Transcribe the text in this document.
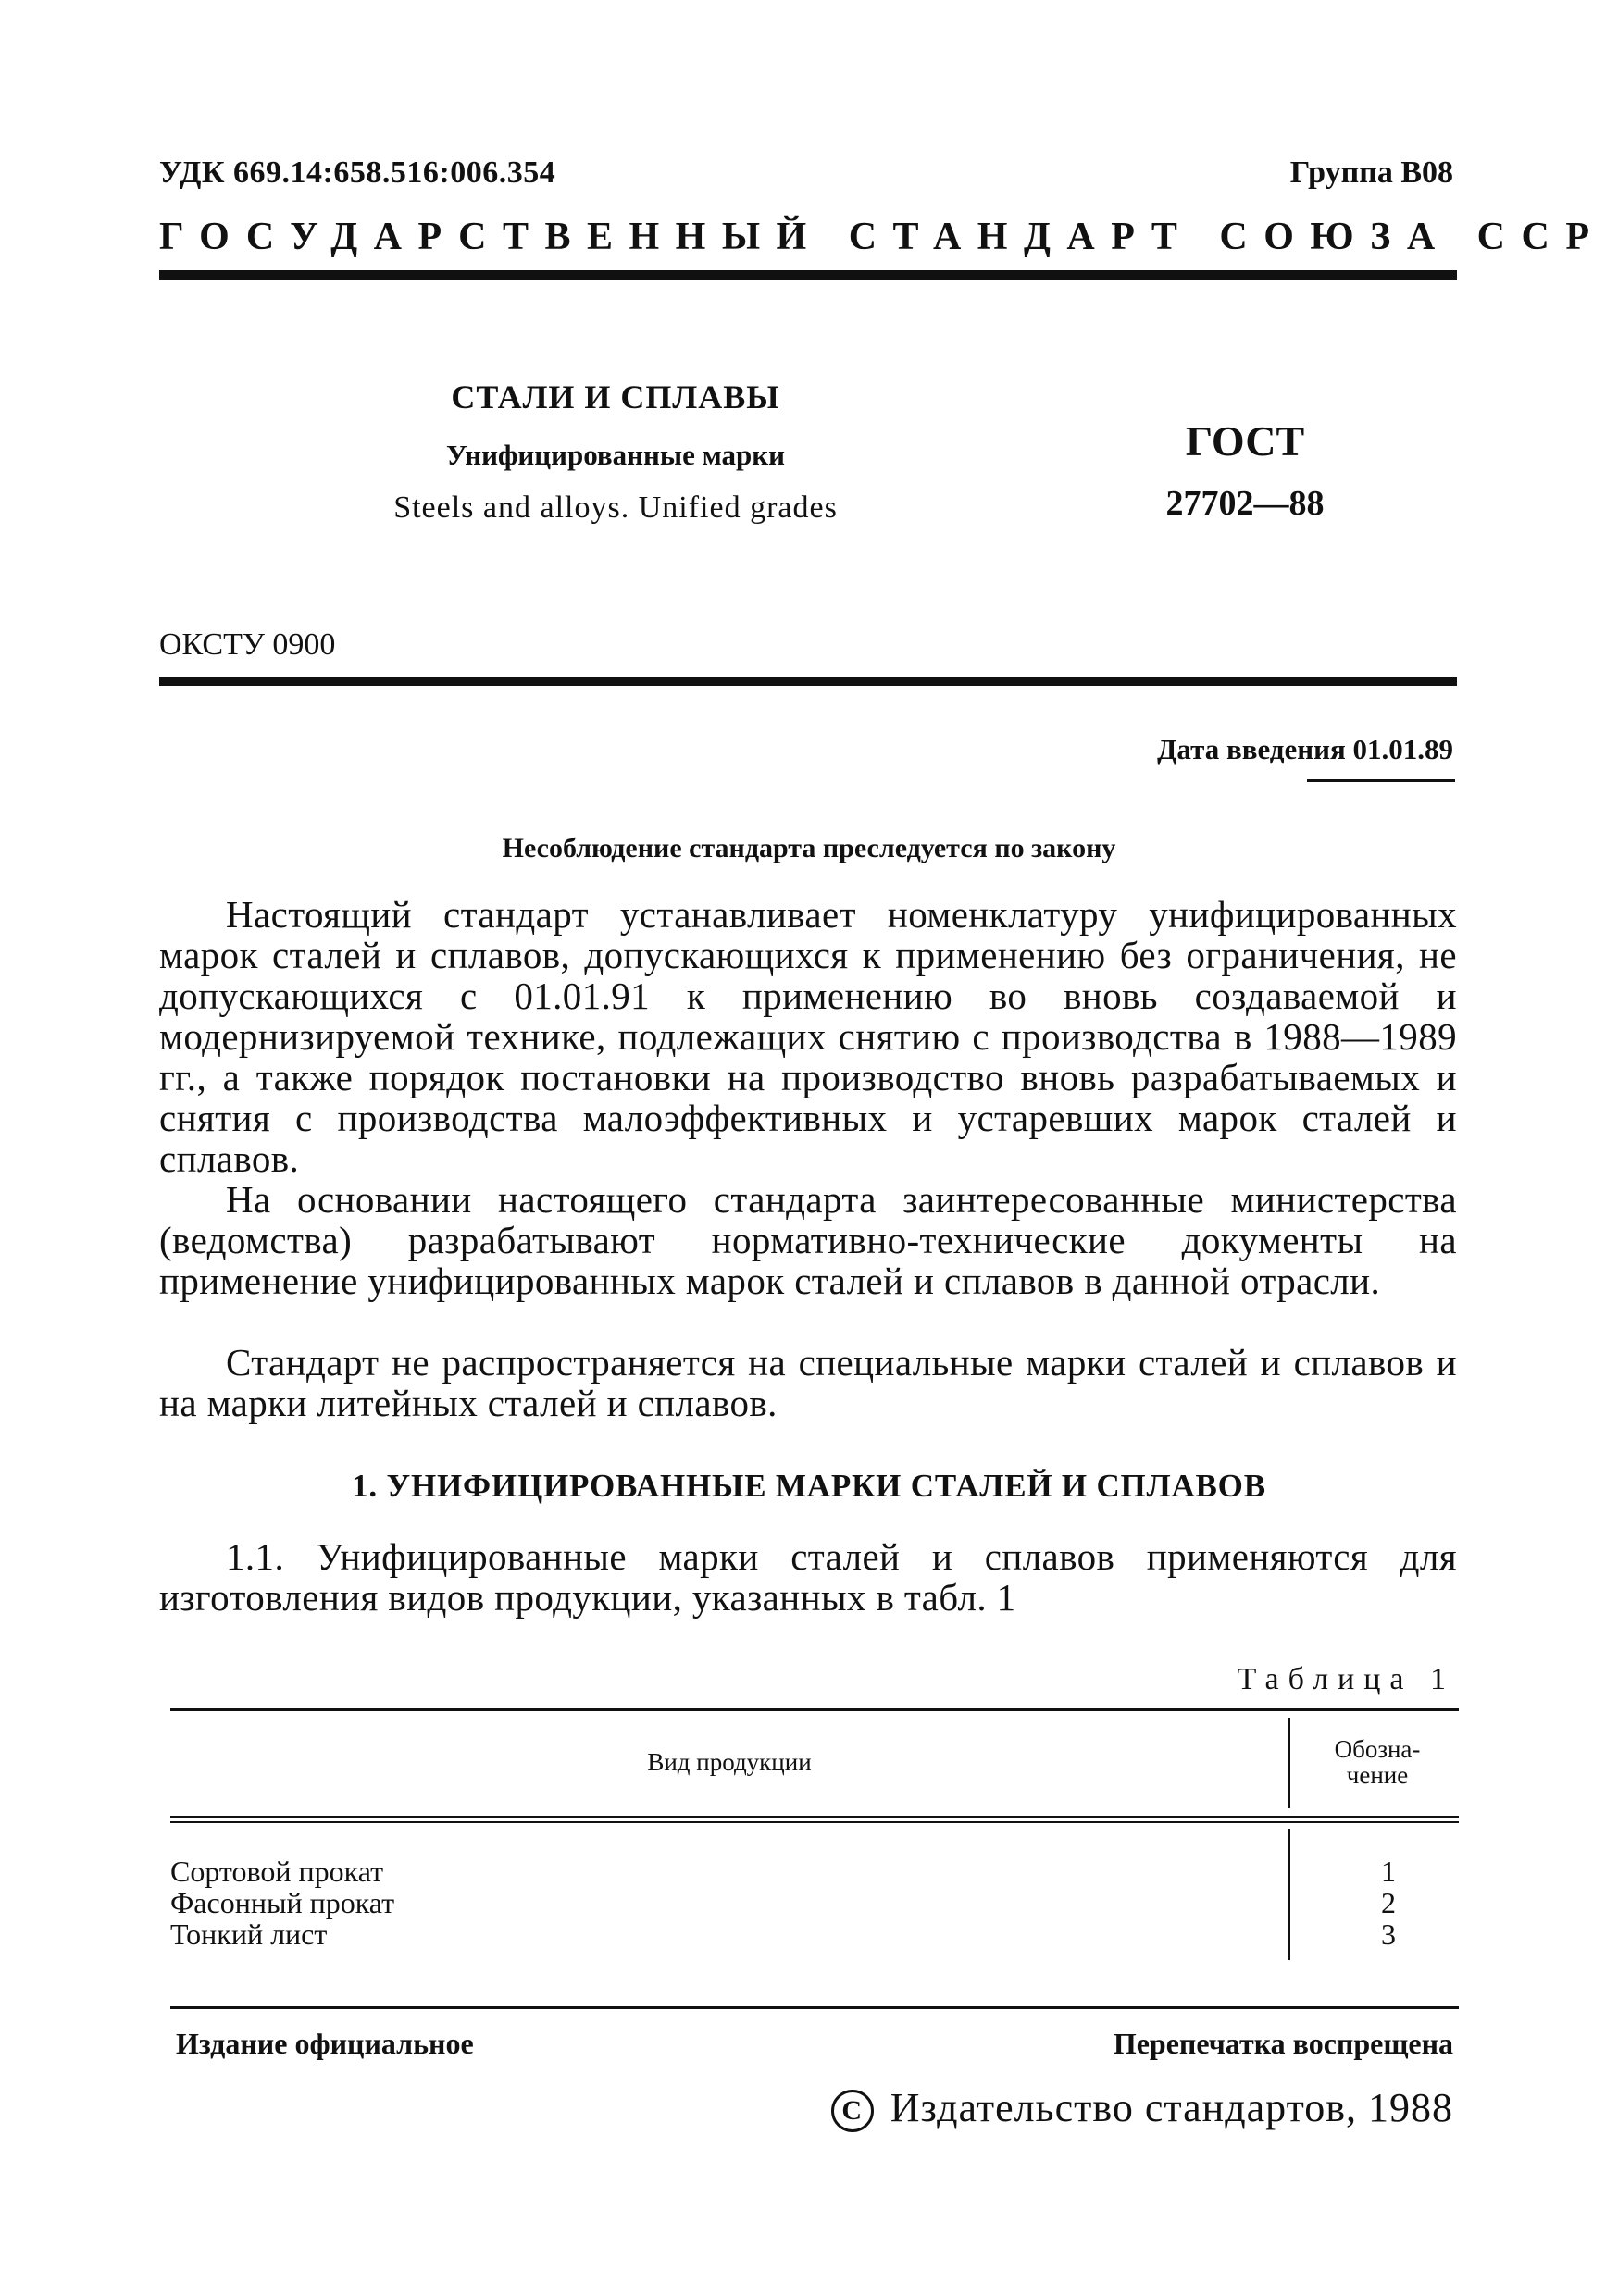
УДК 669.14:658.516:006.354	Группа В08
ГОСУДАРСТВЕННЫЙ СТАНДАРТ СОЮЗА ССР
СТАЛИ И СПЛАВЫ
Унифицированные марки
Steels and alloys. Unified grades
ГОСТ
27702—88
ОКСТУ 0900
Дата введения 01.01.89
Несоблюдение стандарта преследуется по закону
Настоящий стандарт устанавливает номенклатуру унифицированных марок сталей и сплавов, допускающихся к применению без ограничения, не допускающихся с 01.01.91 к применению во вновь создаваемой и модернизируемой технике, подлежащих снятию с производства в 1988—1989 гг., а также порядок постановки на производство вновь разрабатываемых и снятия с производства малоэффективных и устаревших марок сталей и сплавов.
На основании настоящего стандарта заинтересованные министерства (ведомства) разрабатывают нормативно-технические документы на применение унифицированных марок сталей и сплавов в данной отрасли.
Стандарт не распространяется на специальные марки сталей и сплавов и на марки литейных сталей и сплавов.
1. УНИФИЦИРОВАННЫЕ МАРКИ СТАЛЕЙ И СПЛАВОВ
1.1. Унифицированные марки сталей и сплавов применяются для изготовления видов продукции, указанных в табл. 1
Таблица 1
Вид продукции	Обозна-
чение
Сортовой прокат	1
Фасонный прокат	2
Тонкий лист	3
Издание официальное	Перепечатка воспрещена
C Издательство стандартов, 1988
